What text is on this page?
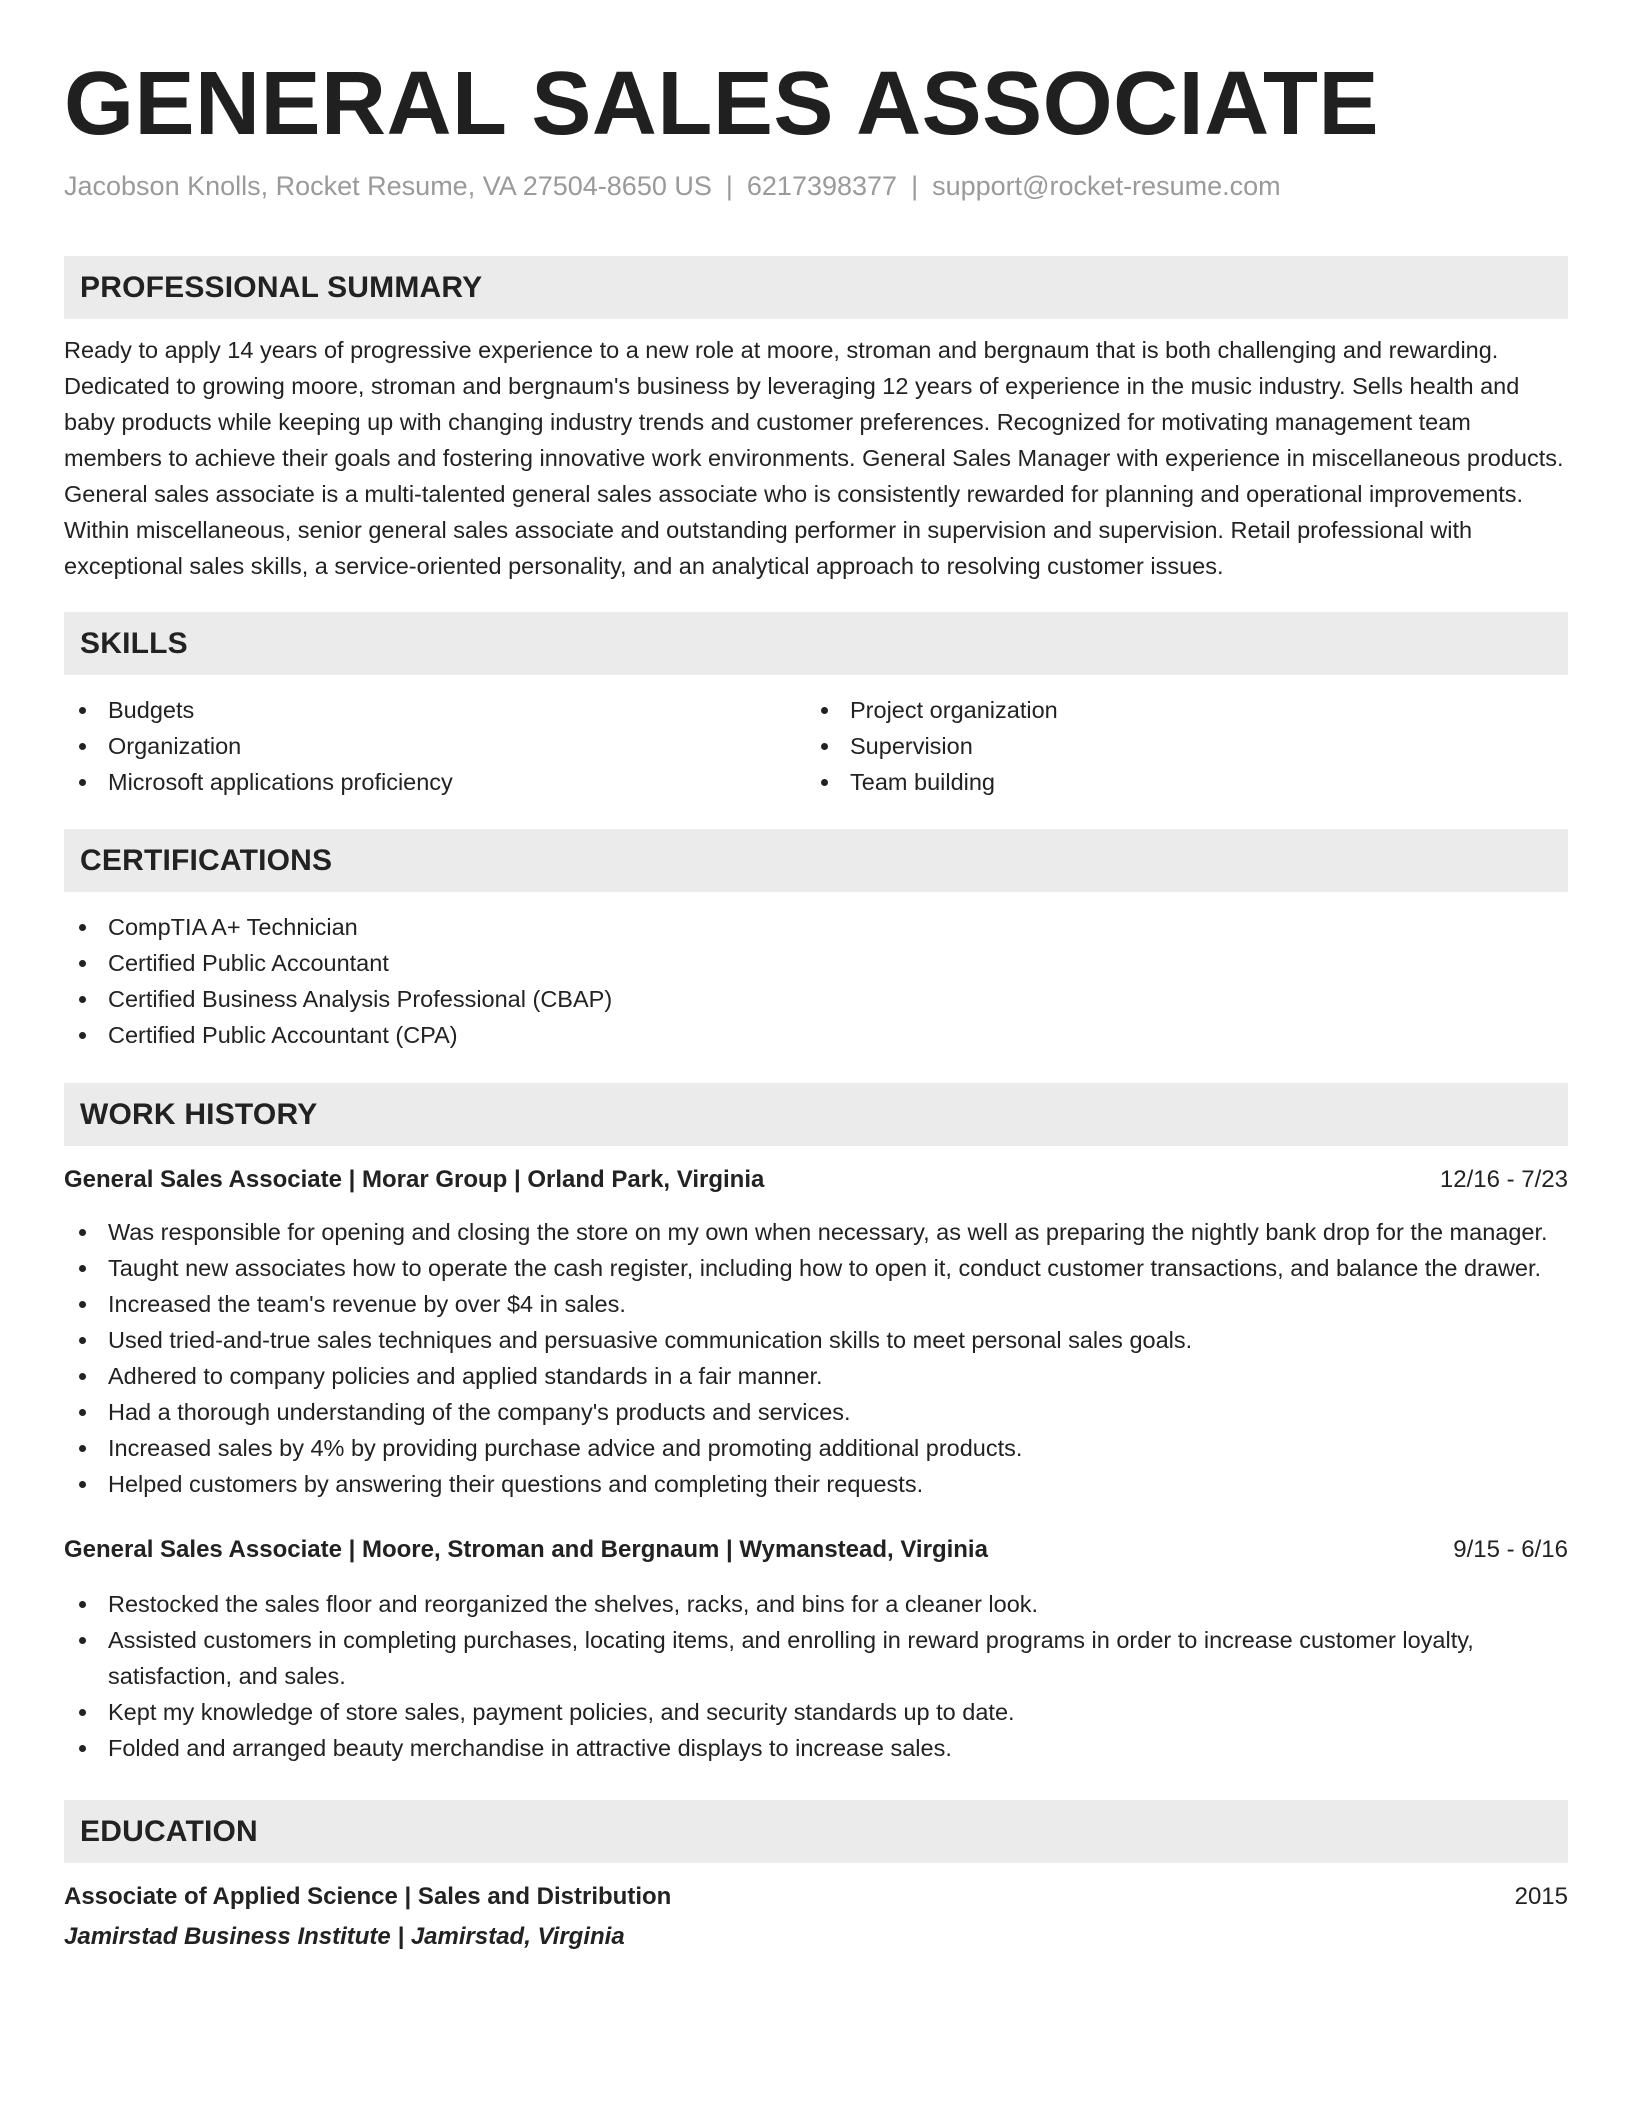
GENERAL SALES ASSOCIATE
Jacobson Knolls, Rocket Resume, VA 27504-8650 US | 6217398377 | support@rocket-resume.com
PROFESSIONAL SUMMARY

Ready to apply 14 years of progressive experience to a new role at moore, stroman and bergnaum that is both challenging and rewarding. Dedicated to growing moore, stroman and bergnaum's business by leveraging 12 years of experience in the music industry. Sells health and baby products while keeping up with changing industry trends and customer preferences. Recognized for motivating management team members to achieve their goals and fostering innovative work environments. General Sales Manager with experience in miscellaneous products. General sales associate is a multi-talented general sales associate who is consistently rewarded for planning and operational improvements. Within miscellaneous, senior general sales associate and outstanding performer in supervision and supervision. Retail professional with exceptional sales skills, a service-oriented personality, and an analytical approach to resolving customer issues.

SKILLS
Budgets
Organization
Microsoft applications proficiency
Project organization
Supervision
Team building
CERTIFICATIONS
CompTIA A+ Technician
Certified Public Accountant
Certified Business Analysis Professional (CBAP)
Certified Public Accountant (CPA)
WORK HISTORY
General Sales Associate | Morar Group | Orland Park, Virginia	12/16 - 7/23
Was responsible for opening and closing the store on my own when necessary, as well as preparing the nightly bank drop for the manager.
Taught new associates how to operate the cash register, including how to open it, conduct customer transactions, and balance the drawer.
Increased the team's revenue by over $4 in sales.
Used tried-and-true sales techniques and persuasive communication skills to meet personal sales goals.
Adhered to company policies and applied standards in a fair manner.
Had a thorough understanding of the company's products and services.
Increased sales by 4% by providing purchase advice and promoting additional products.
Helped customers by answering their questions and completing their requests.
General Sales Associate | Moore, Stroman and Bergnaum | Wymanstead, Virginia	9/15 - 6/16
Restocked the sales floor and reorganized the shelves, racks, and bins for a cleaner look.
Assisted customers in completing purchases, locating items, and enrolling in reward programs in order to increase customer loyalty, satisfaction, and sales.
Kept my knowledge of store sales, payment policies, and security standards up to date.
Folded and arranged beauty merchandise in attractive displays to increase sales.
EDUCATION
Associate of Applied Science | Sales and Distribution	2015
Jamirstad Business Institute | Jamirstad, Virginia
